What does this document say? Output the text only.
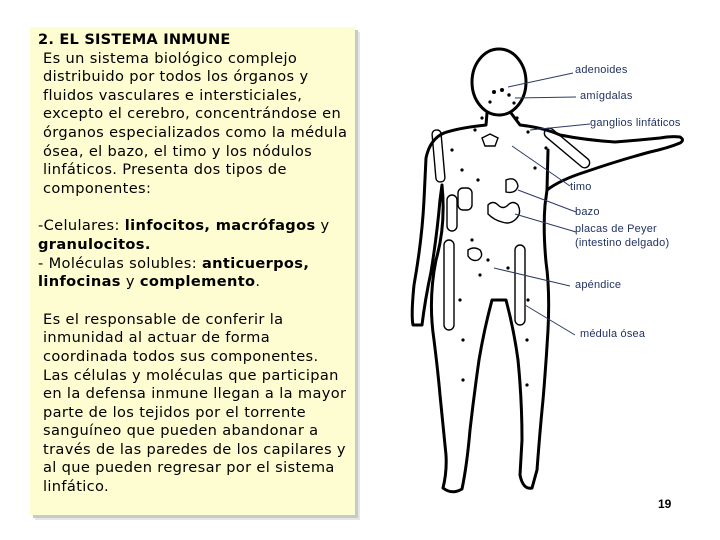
2. EL SISTEMA INMUNE

Es un sistema biológico complejo distribuido por todos los órganos y fluidos vasculares e intersticiales, excepto el cerebro, concentrándose en órganos especializados como la médula ósea, el bazo, el timo y los nódulos linfáticos. Presenta dos tipos de componentes:

-Celulares: linfocitos, macrófagos y granulocitos.

- Moléculas solubles: anticuerpos, linfocinas y complemento.

Es el responsable de conferir la inmunidad al actuar de forma coordinada todos sus componentes.

Las células y moléculas que participan en la defensa inmune llegan a la mayor parte de los tejidos por el torrente sanguíneo que pueden abandonar a través de las paredes de los capilares y al que pueden regresar por el sistema linfático.

adenoides
amígdalas
ganglios linfáticos
timo
bazo
placas de Peyer
(intestino delgado)
apéndice
médula ósea
19
